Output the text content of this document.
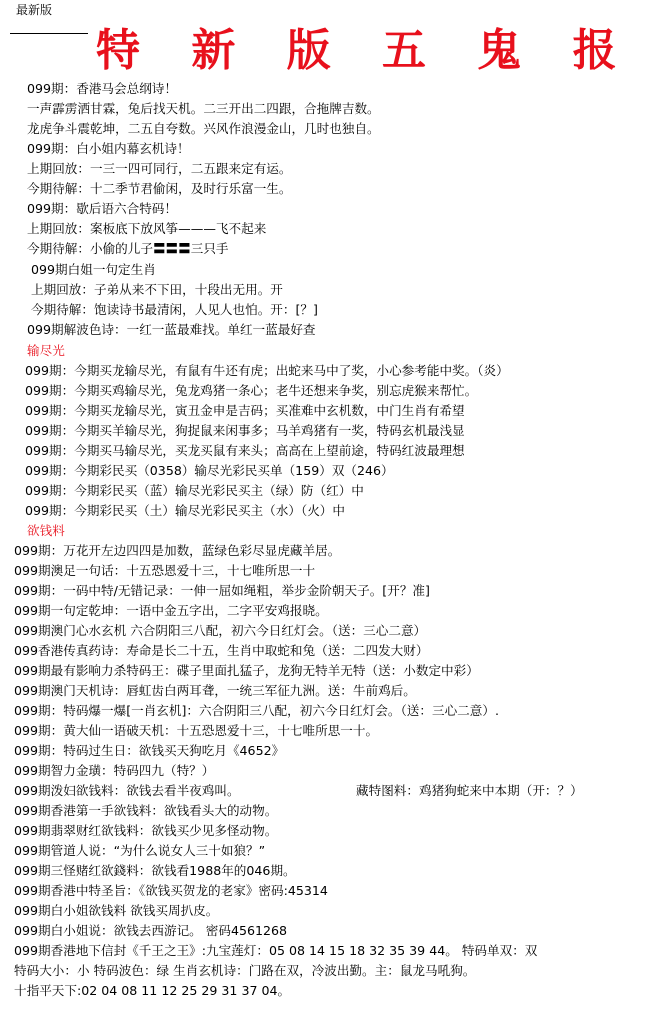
最新版
特 新 版 五 鬼 报
099期：香港马会总纲诗！
一声霹雳洒甘霖，兔后找天机。二三开出二四跟，合拖牌吉数。
龙虎争斗震乾坤，二五自夸数。兴风作浪漫金山，几时也独自。
099期：白小姐内幕玄机诗！
上期回放：一三一四可同行，二五跟来定有运。
今期待解：十二季节君偷闲，及时行乐富一生。
099期：歇后语六合特码！
上期回放：案板底下放风筝———飞不起来
今期待解：小偷的儿子〓〓〓三只手
099期白姐一句定生肖
上期回放：子弟从来不下田，十段出无用。开
今期待解：饱读诗书最清闲，人见人也怕。开：[？]
099期解波色诗：一红一蓝最难找。单红一蓝最好查
输尽光
099期：今期买龙输尽光，有鼠有牛还有虎；出蛇来马中了奖，小心参考能中奖。（炎）
099期：今期买鸡输尽光，兔龙鸡猪一条心；老牛还想来争奖，别忘虎猴来帮忙。
099期：今期买龙输尽光，寅丑金申是吉码；买准难中玄机数，中门生肖有希望
099期：今期买羊输尽光，狗捉鼠来闲事多；马羊鸡猪有一奖，特码玄机最浅显
099期：今期买马输尽光，买龙买鼠有来头；高高在上望前途，特码红波最理想
099期：今期彩民买（0358）输尽光彩民买单（159）双（246）
099期：今期彩民买（蓝）输尽光彩民买主（绿）防（红）中
099期：今期彩民买（土）输尽光彩民买主（水）（火）中
欲钱料
099期：万花开左边四四是加数，蓝绿色彩尽显虎藏羊居。
099期澳足一句话：十五恐恩爱十三，十七唯所思一十
099期：一码中特/无错记录：一伸一屈如绳粗，举步金阶朝天子。[开？准]
099期一句定乾坤：一语中金五字出，二字平安鸡报晓。
099期澳门心水玄机 六合阴阳三八配，初六今日红灯会。（送：三心二意）
099香港传真药诗：寿命是长二十五，生肖中取蛇和兔（送：二四发大财）
099期最有影响力杀特码王：碟子里面扎猛子，龙狗无特羊无特（送：小数定中彩）
099期澳门天机诗：唇虹齿白两耳聋，一统三军征九洲。送：牛前鸡后。
099期：特码爆一爆[一肖玄机]：六合阴阳三八配，初六今日红灯会。（送：三心二意）.
099期：黄大仙一语破天机：十五恐恩爱十三，十七唯所思一十。
099期：特码过生日：欲钱买天狗吃月《4652》
099期智力金璜：特码四九（特？）
099期泼妇欲钱料：欲钱去看半夜鸡叫。	藏特图料：鸡猪狗蛇来中本期（开：？）
099期香港第一手欲钱料：欲钱看头大的动物。
099期翡翠财红欲钱料：欲钱买少见多怪动物。
099期管道人说：“为什么说女人三十如狼？”
099期三怪赌红欲錢料：欲钱看1988年的046期。
099期香港中特圣旨：《欲钱买贺龙的老家》密码:45314
099期白小姐欲钱料 欲钱买周扒皮。
099期白小姐说：欲钱去西游记。 密码4561268
099期香港地下信封《千王之王》:九宝莲灯：05 08 14 15 18 32 35 39 44。 特码单双：双
特码大小：小 特码波色：绿 生肖玄机诗：门路在双，冷波出勤。主：鼠龙马吼狗。
十指平天下:02 04 08 11 12 25 29 31 37 04。
